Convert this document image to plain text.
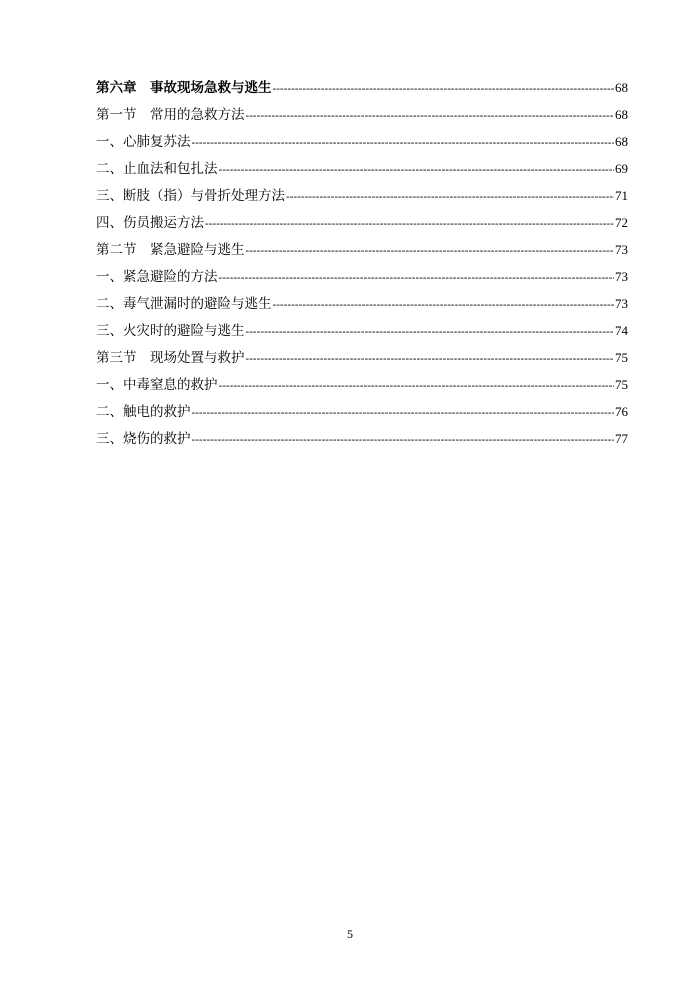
第六章　事故现场急救与逃生 -----	68
第一节　常用的急救方法 -----	68
一、心肺复苏法 -----	68
二、止血法和包扎法 -----	69
三、断肢（指）与骨折处理方法 -----	71
四、伤员搬运方法 -----	72
第二节　紧急避险与逃生 -----	73
一、紧急避险的方法 -----	73
二、毒气泄漏时的避险与逃生 -----	73
三、火灾时的避险与逃生 -----	74
第三节　现场处置与救护 -----	75
一、中毒窒息的救护 -----	75
二、触电的救护 -----	76
三、烧伤的救护 -----	77
5
